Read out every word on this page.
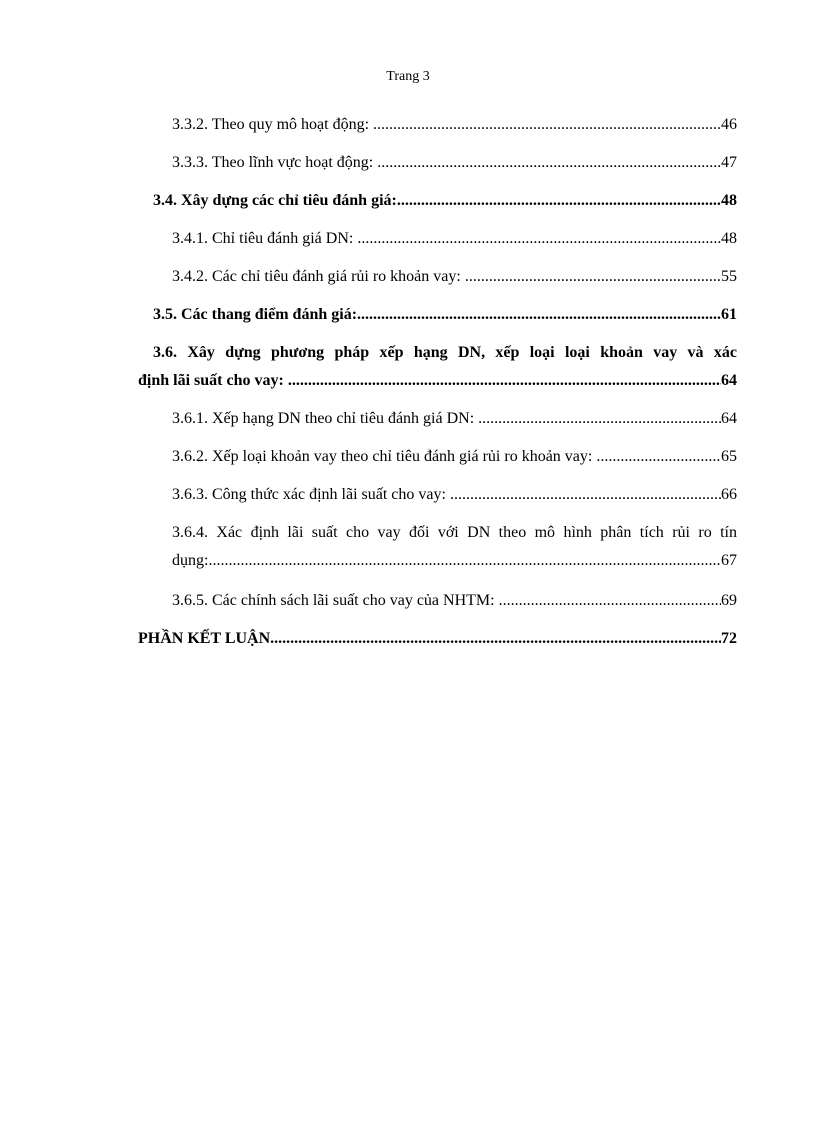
Trang 3
3.3.2. Theo quy mô hoạt động: .....	46
3.3.3. Theo lĩnh vực hoạt động: .....	47
3.4. Xây dựng các chỉ tiêu đánh giá: .....	48
3.4.1. Chỉ tiêu đánh giá DN: .....	48
3.4.2. Các chỉ tiêu đánh giá rủi ro khoản vay: .....	55
3.5. Các thang điểm đánh giá: .....	61
3.6. Xây dựng phương pháp xếp hạng DN, xếp loại loại khoản vay và xác
định lãi suất cho vay: .....	64
3.6.1. Xếp hạng DN theo chỉ tiêu đánh giá DN: .....	64
3.6.2. Xếp loại khoản vay theo chỉ tiêu đánh giá rủi ro khoản vay: .....	65
3.6.3. Công thức xác định lãi suất cho vay: .....	66
3.6.4. Xác định lãi suất cho vay đối với DN theo mô hình phân tích rủi ro tín
dụng: .....	67
3.6.5. Các chính sách lãi suất cho vay của NHTM: .....	69
PHẦN KẾT LUẬN .....	72
